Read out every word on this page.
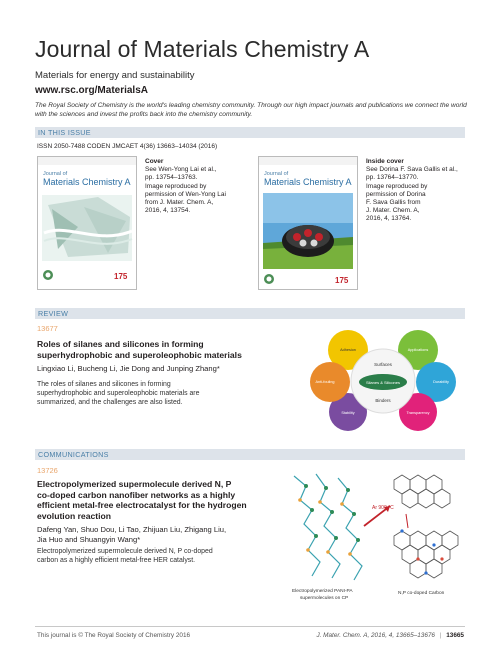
Journal of Materials Chemistry A
Materials for energy and sustainability
www.rsc.org/MaterialsA
The Royal Society of Chemistry is the world's leading chemistry community. Through our high impact journals and publications we connect the world with the sciences and invest the profits back into the chemistry community.
IN THIS ISSUE
ISSN 2050-7488 CODEN JMCAET 4(36) 13663–14034 (2016)
Journal of
Materials Chemistry A
175
Cover
See Wen-Yong Lai et al.,
pp. 13754–13763.
Image reproduced by
permission of Wen-Yong Lai
from J. Mater. Chem. A,
2016, 4, 13754.
Journal of
Materials Chemistry A
175
Inside cover
See Dorina F. Sava Gallis et al.,
pp. 13764–13770.
Image reproduced by
permission of Dorina
F. Sava Gallis from
J. Mater. Chem. A,
2016, 4, 13764.
REVIEW
13677
Roles of silanes and silicones in forming
superhydrophobic and superoleophobic materials
Lingxiao Li, Bucheng Li, Jie Dong and Junping Zhang*
The roles of silanes and silicones in forming
superhydrophobic and superoleophobic materials are
summarized, and the challenges are also listed.
Surfaces
Silanes & Silicones
Binders
Adhesion	Applications
Durability
Transparency
Stability
Anti-fouling
COMMUNICATIONS
13726
Electropolymerized supermolecule derived N, P
co-doped carbon nanofiber networks as a highly
efficient metal-free electrocatalyst for the hydrogen
evolution reaction
Dafeng Yan, Shuo Dou, Li Tao, Zhijuan Liu, Zhigang Liu,
Jia Huo and Shuangyin Wang*
Electropolymerized supermolecule derived N, P co-doped
carbon as a highly efficient metal-free HER catalyst.
Ar 900 °C
Electropolymerized PANI-PA
supermolecules on CP
N,P co-doped Carbon
This journal is © The Royal Society of Chemistry 2016	J. Mater. Chem. A, 2016, 4, 13665–13676 | 13665
